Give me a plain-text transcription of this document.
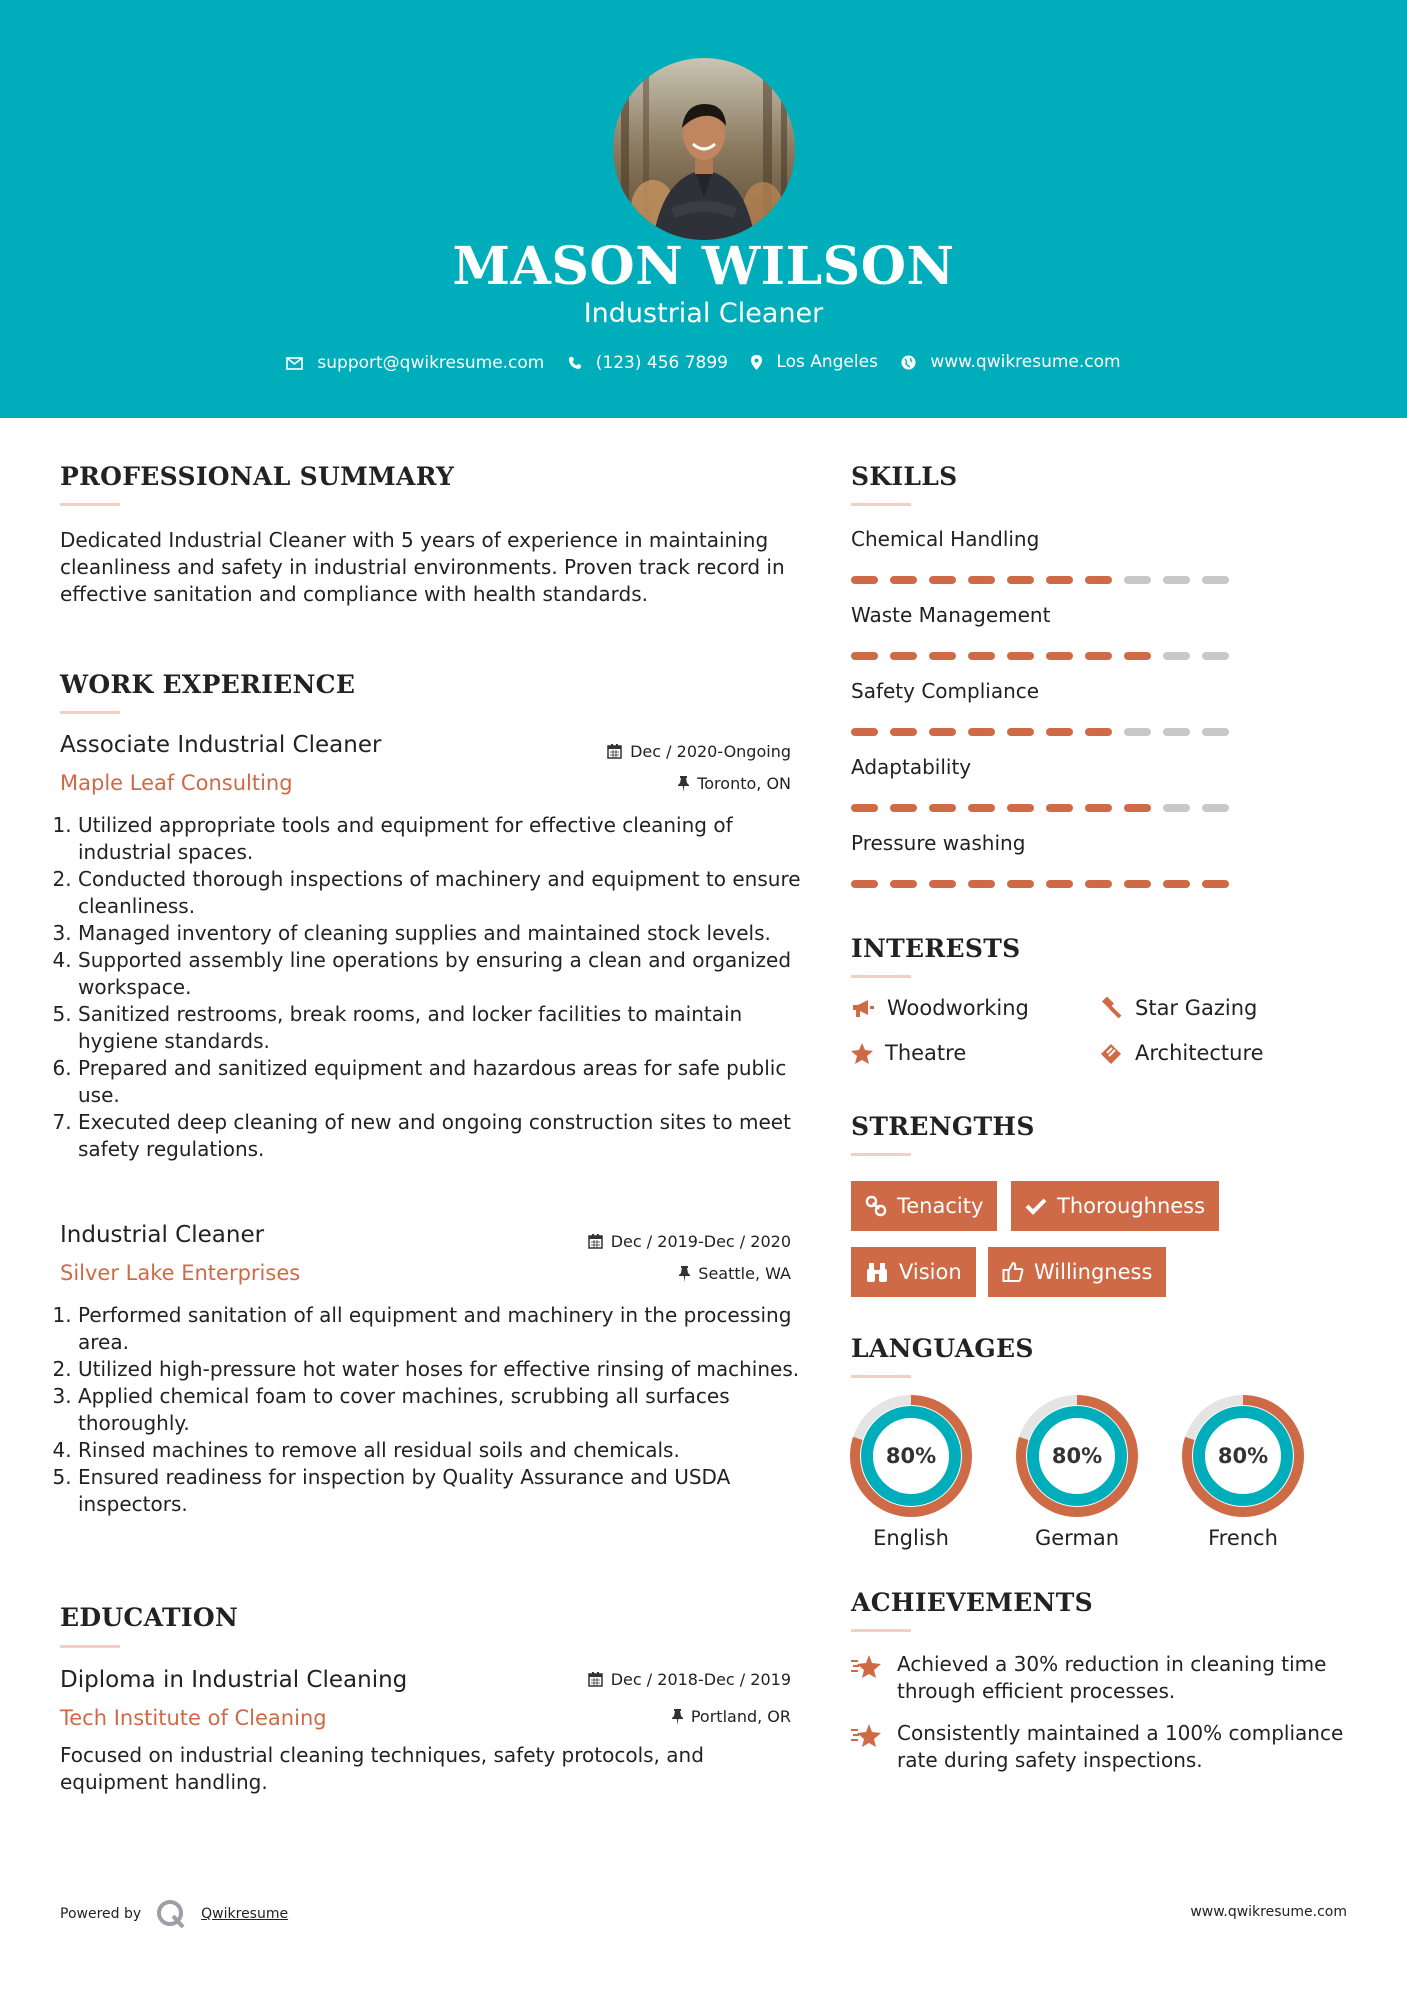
MASON WILSON
Industrial Cleaner
support@qwikresume.com
	(123) 456 7899
	Los Angeles
	www.qwikresume.com
PROFESSIONAL SUMMARY
Dedicated Industrial Cleaner with 5 years of experience in maintaining cleanliness and safety in industrial environments. Proven track record in effective sanitation and compliance with health standards.
WORK EXPERIENCE
Associate Industrial Cleaner	Dec / 2020-Ongoing
Maple Leaf Consulting	Toronto, ON
1. Utilized appropriate tools and equipment for effective cleaning of industrial spaces.
2. Conducted thorough inspections of machinery and equipment to ensure cleanliness.
3. Managed inventory of cleaning supplies and maintained stock levels.
4. Supported assembly line operations by ensuring a clean and organized workspace.
5. Sanitized restrooms, break rooms, and locker facilities to maintain hygiene standards.
6. Prepared and sanitized equipment and hazardous areas for safe public use.
7. Executed deep cleaning of new and ongoing construction sites to meet safety regulations.
Industrial Cleaner	Dec / 2019-Dec / 2020
Silver Lake Enterprises	Seattle, WA
1. Performed sanitation of all equipment and machinery in the processing area.
2. Utilized high-pressure hot water hoses for effective rinsing of machines.
3. Applied chemical foam to cover machines, scrubbing all surfaces thoroughly.
4. Rinsed machines to remove all residual soils and chemicals.
5. Ensured readiness for inspection by Quality Assurance and USDA inspectors.
EDUCATION
Diploma in Industrial Cleaning	Dec / 2018-Dec / 2019
Tech Institute of Cleaning	Portland, OR
Focused on industrial cleaning techniques, safety protocols, and equipment handling.
SKILLS
Chemical Handling
Waste Management
Safety Compliance
Adaptability
Pressure washing
INTERESTS
Woodworking	Star Gazing
Theatre	Architecture
STRENGTHS
Tenacity	Thoroughness
Vision	Willingness
LANGUAGES
80%
English
80%
German
80%
French
ACHIEVEMENTS
Achieved a 30% reduction in cleaning time through efficient processes.
Consistently maintained a 100% compliance rate during safety inspections.
Powered by	Qwikresume	www.qwikresume.com
